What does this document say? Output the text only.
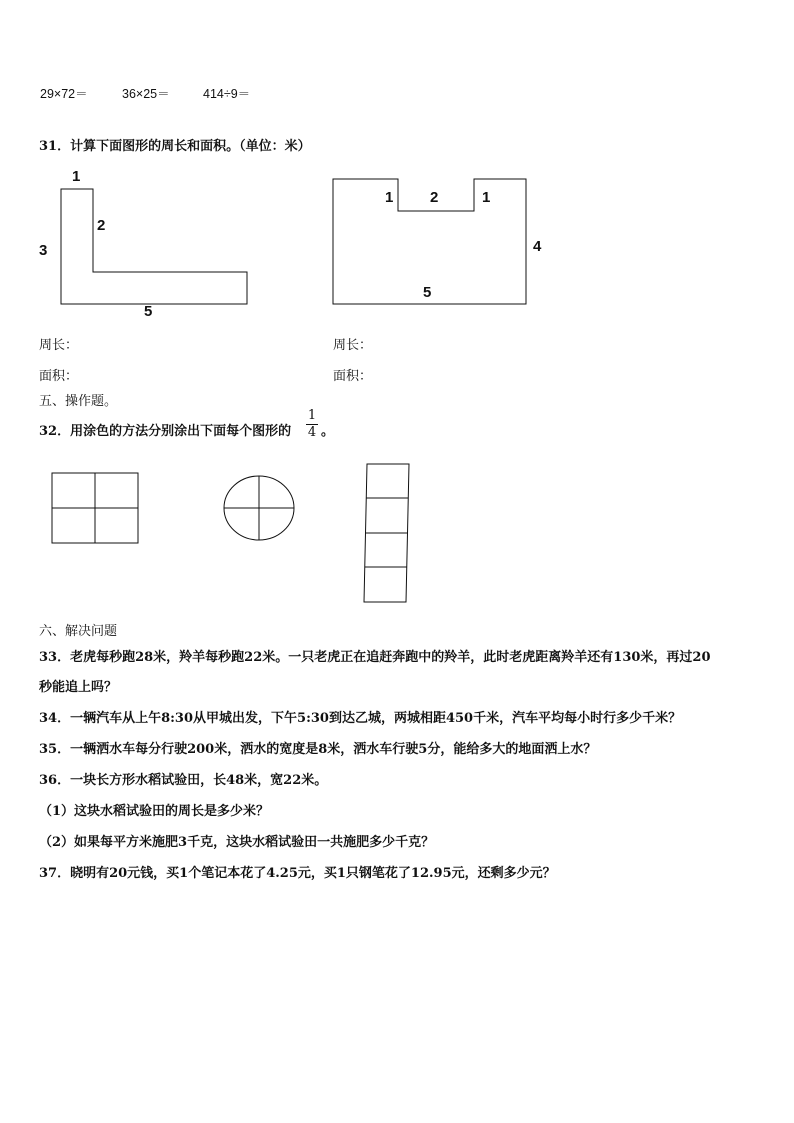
29×72＝	36×25＝	414÷9＝
31．计算下面图形的周长和面积。（单位：米）
1
2
3
5
1 2	1
4
5
周长：	周长：
面积：	面积：
五、操作题。
32．用涂色的方法分别涂出下面每个图形的
1
4 。
六、解决问题
33．老虎每秒跑28米，羚羊每秒跑22米。一只老虎正在追赶奔跑中的羚羊，此时老虎距离羚羊还有130米，再过20
秒能追上吗？
34．一辆汽车从上午8:30从甲城出发，下午5:30到达乙城，两城相距450千米，汽车平均每小时行多少千米？
35．一辆洒水车每分行驶200米，洒水的宽度是8米，洒水车行驶5分，能给多大的地面洒上水？
36．一块长方形水稻试验田，长48米，宽22米。
（1）这块水稻试验田的周长是多少米？
（2）如果每平方米施肥3千克，这块水稻试验田一共施肥多少千克？
37．晓明有20元钱，买1个笔记本花了4.25元，买1只钢笔花了12.95元，还剩多少元？
